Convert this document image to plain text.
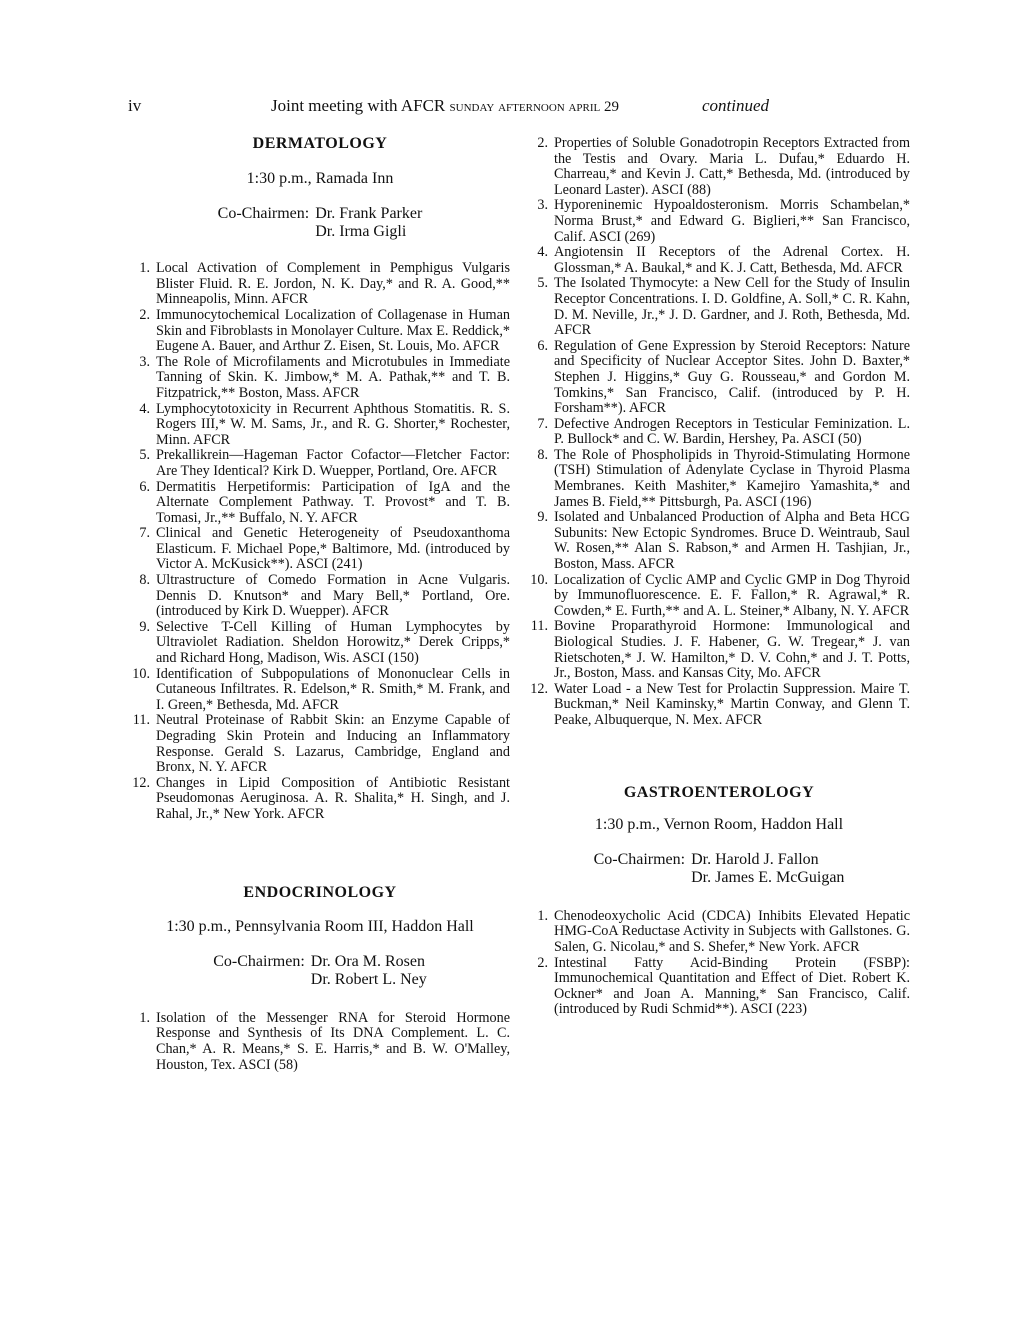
iv	Joint meeting with AFCR sunday afternoon april 29	continued
DERMATOLOGY

1:30 p.m., Ramada Inn

Co-Chairmen: Dr. Frank Parker
Dr. Irma Gigli
1. Local Activation of Complement in Pemphigus Vulgaris Blister Fluid. R. E. Jordon, N. K. Day,* and R. A. Good,** Minneapolis, Minn. AFCR
2. Immunocytochemical Localization of Collagenase in Human Skin and Fibroblasts in Monolayer Culture. Max E. Reddick,* Eugene A. Bauer, and Arthur Z. Eisen, St. Louis, Mo. AFCR
3. The Role of Microfilaments and Microtubules in Immediate Tanning of Skin. K. Jimbow,* M. A. Pathak,** and T. B. Fitzpatrick,** Boston, Mass. AFCR
4. Lymphocytotoxicity in Recurrent Aphthous Stomatitis. R. S. Rogers III,* W. M. Sams, Jr., and R. G. Shorter,* Rochester, Minn. AFCR
5. Prekallikrein—Hageman Factor Cofactor—Fletcher Factor: Are They Identical? Kirk D. Wuepper, Portland, Ore. AFCR
6. Dermatitis Herpetiformis: Participation of IgA and the Alternate Complement Pathway. T. Provost* and T. B. Tomasi, Jr.,** Buffalo, N. Y. AFCR
7. Clinical and Genetic Heterogeneity of Pseudoxanthoma Elasticum. F. Michael Pope,* Baltimore, Md. (introduced by Victor A. McKusick**). ASCI (241)
8. Ultrastructure of Comedo Formation in Acne Vulgaris. Dennis D. Knutson* and Mary Bell,* Portland, Ore. (introduced by Kirk D. Wuepper). AFCR
9. Selective T-Cell Killing of Human Lymphocytes by Ultraviolet Radiation. Sheldon Horowitz,* Derek Cripps,* and Richard Hong, Madison, Wis. ASCI (150)
10. Identification of Subpopulations of Mononuclear Cells in Cutaneous Infiltrates. R. Edelson,* R. Smith,* M. Frank, and I. Green,* Bethesda, Md. AFCR
11. Neutral Proteinase of Rabbit Skin: an Enzyme Capable of Degrading Skin Protein and Inducing an Inflammatory Response. Gerald S. Lazarus, Cambridge, England and Bronx, N. Y. AFCR
12. Changes in Lipid Composition of Antibiotic Resistant Pseudomonas Aeruginosa. A. R. Shalita,* H. Singh, and J. Rahal, Jr.,* New York. AFCR
ENDOCRINOLOGY

1:30 p.m., Pennsylvania Room III, Haddon Hall

Co-Chairmen: Dr. Ora M. Rosen
Dr. Robert L. Ney
1. Isolation of the Messenger RNA for Steroid Hormone Response and Synthesis of Its DNA Complement. L. C. Chan,* A. R. Means,* S. E. Harris,* and B. W. O'Malley, Houston, Tex. ASCI (58)
2. Properties of Soluble Gonadotropin Receptors Extracted from the Testis and Ovary. Maria L. Dufau,* Eduardo H. Charreau,* and Kevin J. Catt,* Bethesda, Md. (introduced by Leonard Laster). ASCI (88)
3. Hyporeninemic Hypoaldosteronism. Morris Schambelan,* Norma Brust,* and Edward G. Biglieri,** San Francisco, Calif. ASCI (269)
4. Angiotensin II Receptors of the Adrenal Cortex. H. Glossman,* A. Baukal,* and K. J. Catt, Bethesda, Md. AFCR
5. The Isolated Thymocyte: a New Cell for the Study of Insulin Receptor Concentrations. I. D. Goldfine, A. Soll,* C. R. Kahn, D. M. Neville, Jr.,* J. D. Gardner, and J. Roth, Bethesda, Md. AFCR
6. Regulation of Gene Expression by Steroid Receptors: Nature and Specificity of Nuclear Acceptor Sites. John D. Baxter,* Stephen J. Higgins,* Guy G. Rousseau,* and Gordon M. Tomkins,* San Francisco, Calif. (introduced by P. H. Forsham**). AFCR
7. Defective Androgen Receptors in Testicular Feminization. L. P. Bullock* and C. W. Bardin, Hershey, Pa. ASCI (50)
8. The Role of Phospholipids in Thyroid-Stimulating Hormone (TSH) Stimulation of Adenylate Cyclase in Thyroid Plasma Membranes. Keith Mashiter,* Kamejiro Yamashita,* and James B. Field,** Pittsburgh, Pa. ASCI (196)
9. Isolated and Unbalanced Production of Alpha and Beta HCG Subunits: New Ectopic Syndromes. Bruce D. Weintraub, Saul W. Rosen,** Alan S. Rabson,* and Armen H. Tashjian, Jr., Boston, Mass. AFCR
10. Localization of Cyclic AMP and Cyclic GMP in Dog Thyroid by Immunofluorescence. E. F. Fallon,* R. Agrawal,* R. Cowden,* E. Furth,** and A. L. Steiner,* Albany, N. Y. AFCR
11. Bovine Proparathyroid Hormone: Immunological and Biological Studies. J. F. Habener, G. W. Tregear,* J. van Rietschoten,* J. W. Hamilton,* D. V. Cohn,* and J. T. Potts, Jr., Boston, Mass. and Kansas City, Mo. AFCR
12. Water Load - a New Test for Prolactin Suppression. Maire T. Buckman,* Neil Kaminsky,* Martin Conway, and Glenn T. Peake, Albuquerque, N. Mex. AFCR
GASTROENTEROLOGY

1:30 p.m., Vernon Room, Haddon Hall

Co-Chairmen: Dr. Harold J. Fallon
Dr. James E. McGuigan
1. Chenodeoxycholic Acid (CDCA) Inhibits Elevated Hepatic HMG-CoA Reductase Activity in Subjects with Gallstones. G. Salen, G. Nicolau,* and S. Shefer,* New York. AFCR
2. Intestinal Fatty Acid-Binding Protein (FSBP): Immunochemical Quantitation and Effect of Diet. Robert K. Ockner* and Joan A. Manning,* San Francisco, Calif. (introduced by Rudi Schmid**). ASCI (223)
